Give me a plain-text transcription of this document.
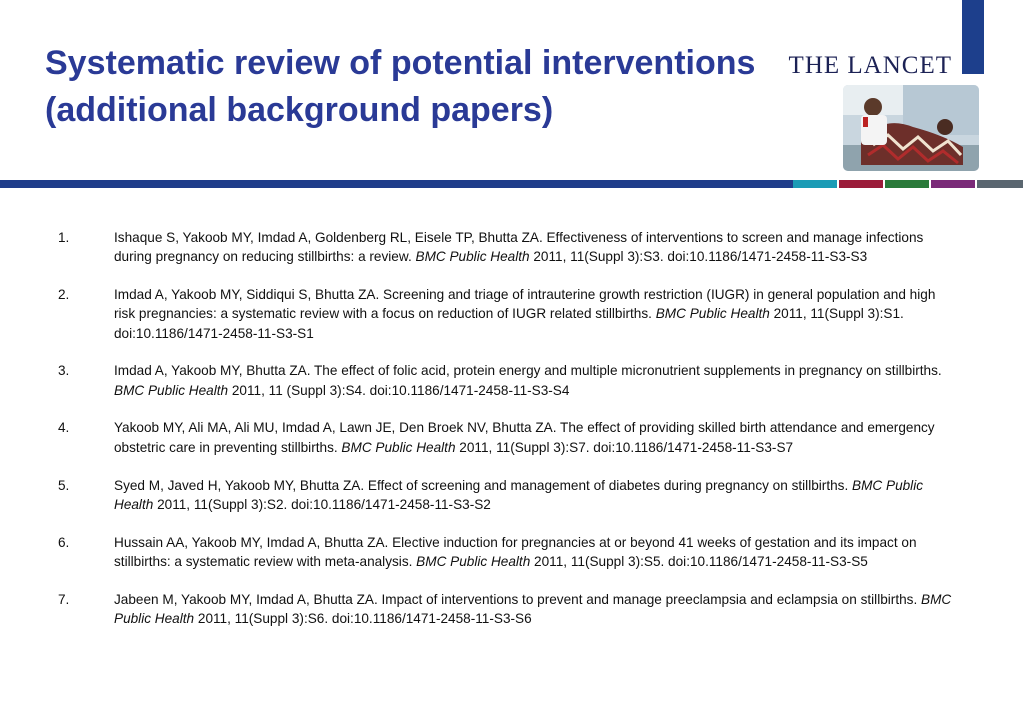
THE LANCET
Systematic review of potential interventions
(additional background papers)
1.	Ishaque S, Yakoob MY, Imdad A, Goldenberg RL, Eisele TP, Bhutta ZA. Effectiveness of interventions to screen and manage infections during pregnancy on reducing stillbirths: a review. BMC Public Health 2011, 11(Suppl 3):S3. doi:10.1186/1471-2458-11-S3-S3
2.	Imdad A, Yakoob MY, Siddiqui S, Bhutta ZA. Screening and triage of intrauterine growth restriction (IUGR) in general population and high risk pregnancies: a systematic review with a focus on reduction of IUGR related stillbirths. BMC Public Health 2011, 11(Suppl 3):S1. doi:10.1186/1471-2458-11-S3-S1
3.	Imdad A, Yakoob MY, Bhutta ZA. The effect of folic acid, protein energy and multiple micronutrient supplements in pregnancy on stillbirths. BMC Public Health 2011, 11 (Suppl 3):S4. doi:10.1186/1471-2458-11-S3-S4
4.	Yakoob MY, Ali MA, Ali MU, Imdad A, Lawn JE, Den Broek NV, Bhutta ZA. The effect of providing skilled birth attendance and emergency obstetric care in preventing stillbirths. BMC Public Health 2011, 11(Suppl 3):S7. doi:10.1186/1471-2458-11-S3-S7
5.	Syed M, Javed H, Yakoob MY, Bhutta ZA. Effect of screening and management of diabetes during pregnancy on stillbirths. BMC Public Health 2011, 11(Suppl 3):S2. doi:10.1186/1471-2458-11-S3-S2
6.	Hussain AA, Yakoob MY, Imdad A, Bhutta ZA. Elective induction for pregnancies at or beyond 41 weeks of gestation and its impact on stillbirths: a systematic review with meta-analysis. BMC Public Health 2011, 11(Suppl 3):S5. doi:10.1186/1471-2458-11-S3-S5
7.	Jabeen M, Yakoob MY, Imdad A, Bhutta ZA. Impact of interventions to prevent and manage preeclampsia and eclampsia on stillbirths. BMC Public Health 2011, 11(Suppl 3):S6. doi:10.1186/1471-2458-11-S3-S6
